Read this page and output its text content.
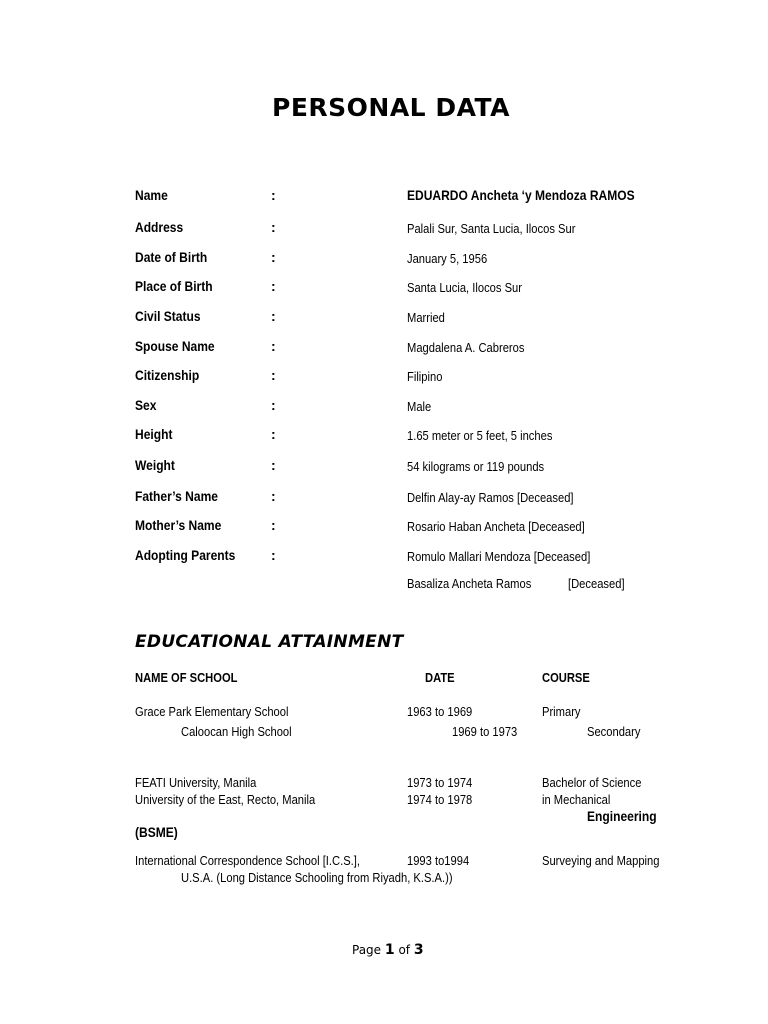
PERSONAL DATA
Name	:	EDUARDO Ancheta ‘y Mendoza RAMOS
Address	:	Palali Sur, Santa Lucia, Ilocos Sur
Date of Birth	:	January 5, 1956
Place of Birth	:	Santa Lucia, Ilocos Sur
Civil Status	:	Married
Spouse Name	:	Magdalena A. Cabreros
Citizenship	:	Filipino
Sex	:	Male
Height	:	1.65 meter or 5 feet, 5 inches
Weight	:	54 kilograms or 119 pounds
Father’s Name	:	Delfin Alay-ay Ramos [Deceased]
Mother’s Name	:	Rosario Haban Ancheta [Deceased]
Adopting Parents	:	Romulo Mallari Mendoza [Deceased]
Basaliza Ancheta Ramos	[Deceased]
EDUCATIONAL ATTAINMENT
NAME OF SCHOOL	DATE	COURSE
Grace Park Elementary School	1963 to 1969	Primary
Caloocan High School	1969 to 1973	Secondary
FEATI University, Manila	1973 to 1974	Bachelor of Science
University of the East, Recto, Manila	1974 to 1978	in Mechanical
Engineering
(BSME)
International Correspondence School [I.C.S.],	1993 to1994	Surveying and Mapping
U.S.A. (Long Distance Schooling from Riyadh, K.S.A.))
Page 1 of 3
